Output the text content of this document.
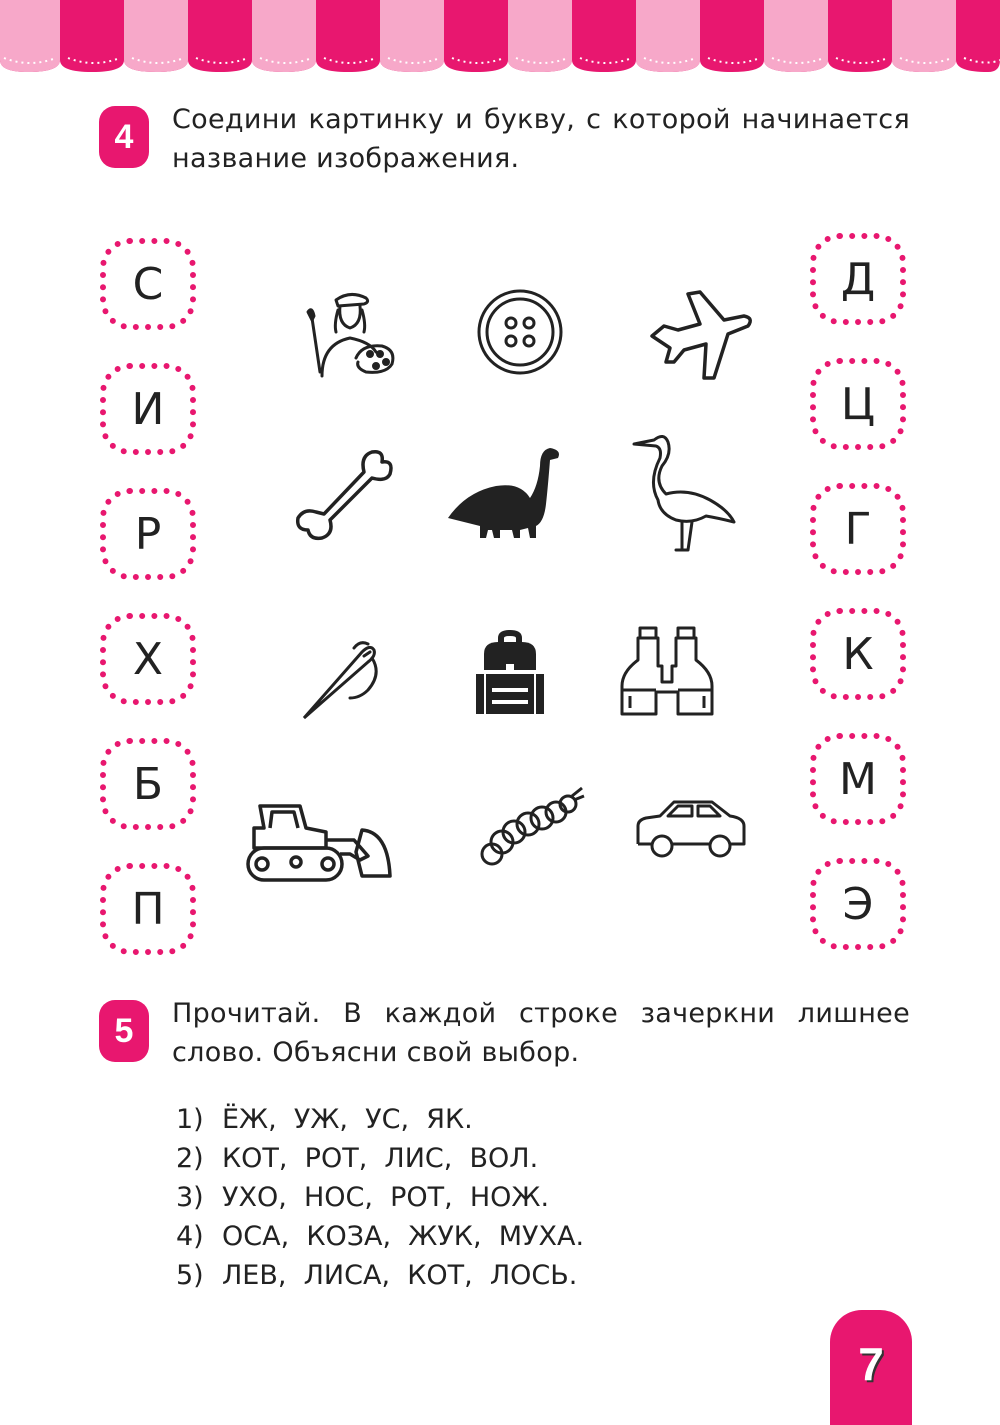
4 Соедини картинку и букву, с которой начинается
название изображения.
С
И
Р
Х
Б
П
Д
Ц
Г
К
М
Э
5 Прочитай. В каждой строке зачеркни лишнее
слово. Объясни свой выбор.
1) ЁЖ,  УЖ,  УС,  ЯК.
2) КОТ,  РОТ,  ЛИС,  ВОЛ.
3) УХО,  НОС,  РОТ,  НОЖ.
4) ОСА,  КОЗА,  ЖУК,  МУХА.
5) ЛЕВ,  ЛИСА,  КОТ,  ЛОСЬ.
7
